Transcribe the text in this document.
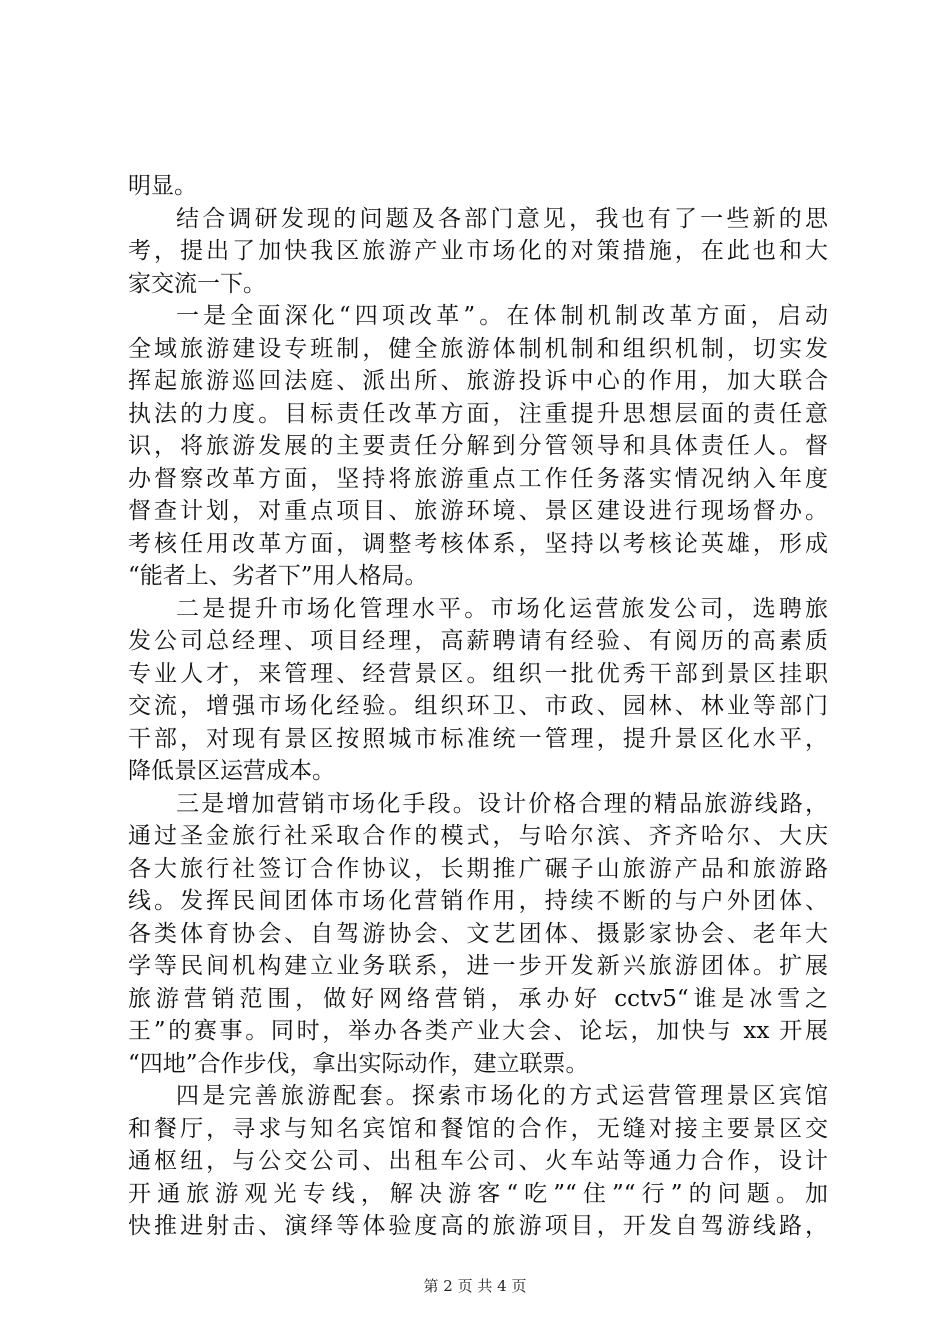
明显。
结合调研发现的问题及各部门意见，我也有了一些新的思
考，提出了加快我区旅游产业市场化的对策措施，在此也和大
家交流一下。
一是全面深化“四项改革”。在体制机制改革方面，启动
全域旅游建设专班制，健全旅游体制机制和组织机制，切实发
挥起旅游巡回法庭、派出所、旅游投诉中心的作用，加大联合
执法的力度。目标责任改革方面，注重提升思想层面的责任意
识，将旅游发展的主要责任分解到分管领导和具体责任人。督
办督察改革方面，坚持将旅游重点工作任务落实情况纳入年度
督查计划，对重点项目、旅游环境、景区建设进行现场督办。
考核任用改革方面，调整考核体系，坚持以考核论英雄，形成
“能者上、劣者下”用人格局。
二是提升市场化管理水平。市场化运营旅发公司，选聘旅
发公司总经理、项目经理，高薪聘请有经验、有阅历的高素质
专业人才，来管理、经营景区。组织一批优秀干部到景区挂职
交流，增强市场化经验。组织环卫、市政、园林、林业等部门
干部，对现有景区按照城市标准统一管理，提升景区化水平，
降低景区运营成本。
三是增加营销市场化手段。设计价格合理的精品旅游线路，
通过圣金旅行社采取合作的模式，与哈尔滨、齐齐哈尔、大庆
各大旅行社签订合作协议，长期推广碾子山旅游产品和旅游路
线。发挥民间团体市场化营销作用，持续不断的与户外团体、
各类体育协会、自驾游协会、文艺团体、摄影家协会、老年大
学等民间机构建立业务联系，进一步开发新兴旅游团体。扩展
旅游营销范围，做好网络营销，承办好 cctv5“谁是冰雪之
王”的赛事。同时，举办各类产业大会、论坛，加快与 xx 开展
“四地”合作步伐，拿出实际动作，建立联票。
四是完善旅游配套。探索市场化的方式运营管理景区宾馆
和餐厅，寻求与知名宾馆和餐馆的合作，无缝对接主要景区交
通枢纽，与公交公司、出租车公司、火车站等通力合作，设计
开通旅游观光专线，解决游客“吃”“住”“行”的问题。加
快推进射击、演绎等体验度高的旅游项目，开发自驾游线路，
第 2 页 共 4 页
